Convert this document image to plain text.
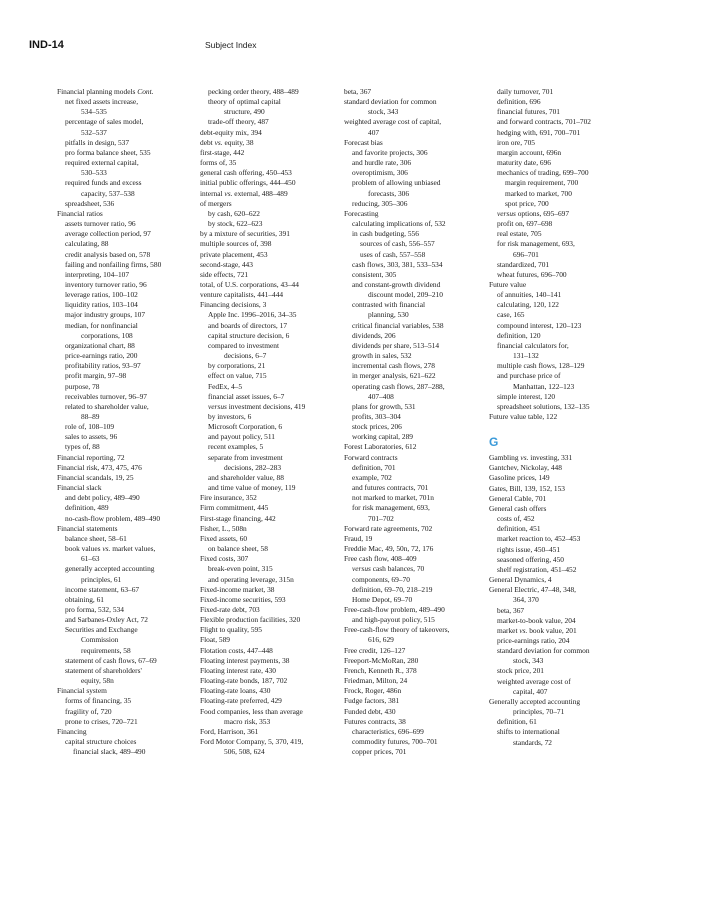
IND-14	Subject Index
Financial planning models Cont.
net fixed assets increase,
534–535
percentage of sales model,
532–537
pitfalls in design, 537
pro forma balance sheet, 535
required external capital,
530–533
required funds and excess
capacity, 537–538
spreadsheet, 536
Financial ratios
assets turnover ratio, 96
average collection period, 97
calculating, 88
credit analysis based on, 578
failing and nonfailing firms, 580
interpreting, 104–107
inventory turnover ratio, 96
leverage ratios, 100–102
liquidity ratios, 103–104
major industry groups, 107
median, for nonfinancial
corporations, 108
organizational chart, 88
price-earnings ratio, 200
profitability ratios, 93–97
profit margin, 97–98
purpose, 78
receivables turnover, 96–97
related to shareholder value,
88–89
role of, 108–109
sales to assets, 96
types of, 88
Financial reporting, 72
Financial risk, 473, 475, 476
Financial scandals, 19, 25
Financial slack
and debt policy, 489–490
definition, 489
no-cash-flow problem, 489–490
Financial statements
balance sheet, 58–61
book values vs. market values,
61–63
generally accepted accounting
principles, 61
income statement, 63–67
obtaining, 61
pro forma, 532, 534
and Sarbanes-Oxley Act, 72
Securities and Exchange
Commission
requirements, 58
statement of cash flows, 67–69
statement of shareholders'
equity, 58n
Financial system
forms of financing, 35
fragility of, 720
prone to crises, 720–721
Financing
capital structure choices
financial slack, 489–490
pecking order theory, 488–489
theory of optimal capital
structure, 490
trade-off theory, 487
debt-equity mix, 394
debt vs. equity, 38
first-stage, 442
forms of, 35
general cash offering, 450–453
initial public offerings, 444–450
internal vs. external, 488–489
of mergers
by cash, 620–622
by stock, 622–623
by a mixture of securities, 391
multiple sources of, 398
private placement, 453
second-stage, 443
side effects, 721
total, of U.S. corporations, 43–44
venture capitalists, 441–444
Financing decisions, 3
Apple Inc. 1996–2016, 34–35
and boards of directors, 17
capital structure decision, 6
compared to investment
decisions, 6–7
by corporations, 21
effect on value, 715
FedEx, 4–5
financial asset issues, 6–7
versus investment decisions, 419
by investors, 6
Microsoft Corporation, 6
and payout policy, 511
recent examples, 5
separate from investment
decisions, 282–283
and shareholder value, 88
and time value of money, 119
Fire insurance, 352
Firm commitment, 445
First-stage financing, 442
Fisher, L., 508n
Fixed assets, 60
on balance sheet, 58
Fixed costs, 307
break-even point, 315
and operating leverage, 315n
Fixed-income market, 38
Fixed-income securities, 593
Fixed-rate debt, 703
Flexible production facilities, 320
Flight to quality, 595
Float, 589
Flotation costs, 447–448
Floating interest payments, 38
Floating interest rate, 430
Floating-rate bonds, 187, 702
Floating-rate loans, 430
Floating-rate preferred, 429
Food companies, less than average
macro risk, 353
Ford, Harrison, 361
Ford Motor Company, 5, 370, 419,
506, 508, 624
beta, 367
standard deviation for common
stock, 343
weighted average cost of capital,
407
Forecast bias
and favorite projects, 306
and hurdle rate, 306
overoptimism, 306
problem of allowing unbiased
forecasts, 306
reducing, 305–306
Forecasting
calculating implications of, 532
in cash budgeting, 556
sources of cash, 556–557
uses of cash, 557–558
cash flows, 303, 381, 533–534
consistent, 305
and constant-growth dividend
discount model, 209–210
contrasted with financial
planning, 530
critical financial variables, 538
dividends, 206
dividends per share, 513–514
growth in sales, 532
incremental cash flows, 278
in merger analysis, 621–622
operating cash flows, 287–288,
407–408
plans for growth, 531
profits, 303–304
stock prices, 206
working capital, 289
Forest Laboratories, 612
Forward contracts
definition, 701
example, 702
and futures contracts, 701
not marked to market, 701n
for risk management, 693,
701–702
Forward rate agreements, 702
Fraud, 19
Freddie Mac, 49, 50n, 72, 176
Free cash flow, 408–409
versus cash balances, 70
components, 69–70
definition, 69–70, 218–219
Home Depot, 69–70
Free-cash-flow problem, 489–490
and high-payout policy, 515
Free-cash-flow theory of takeovers,
616, 629
Free credit, 126–127
Freeport-McMoRan, 280
French, Kenneth R., 378
Friedman, Milton, 24
Frock, Roger, 486n
Fudge factors, 381
Funded debt, 430
Futures contracts, 38
characteristics, 696–699
commodity futures, 700–701
copper prices, 701
daily turnover, 701
definition, 696
financial futures, 701
and forward contracts, 701–702
hedging with, 691, 700–701
iron ore, 705
margin account, 696n
maturity date, 696
mechanics of trading, 699–700
margin requirement, 700
marked to market, 700
spot price, 700
versus options, 695–697
profit on, 697–698
real estate, 705
for risk management, 693,
696–701
standardized, 701
wheat futures, 696–700
Future value
of annuities, 140–141
calculating, 120, 122
case, 165
compound interest, 120–123
definition, 120
financial calculators for,
131–132
multiple cash flows, 128–129
and purchase price of
Manhattan, 122–123
simple interest, 120
spreadsheet solutions, 132–135
Future value table, 122
G
Gambling vs. investing, 331
Gantchev, Nickolay, 448
Gasoline prices, 149
Gates, Bill, 139, 152, 153
General Cable, 701
General cash offers
costs of, 452
definition, 451
market reaction to, 452–453
rights issue, 450–451
seasoned offering, 450
shelf registration, 451–452
General Dynamics, 4
General Electric, 47–48, 348,
364, 370
beta, 367
market-to-book value, 204
market vs. book value, 201
price-earnings ratio, 204
standard deviation for common
stock, 343
stock price, 201
weighted average cost of
capital, 407
Generally accepted accounting
principles, 70–71
definition, 61
shifts to international
standards, 72
